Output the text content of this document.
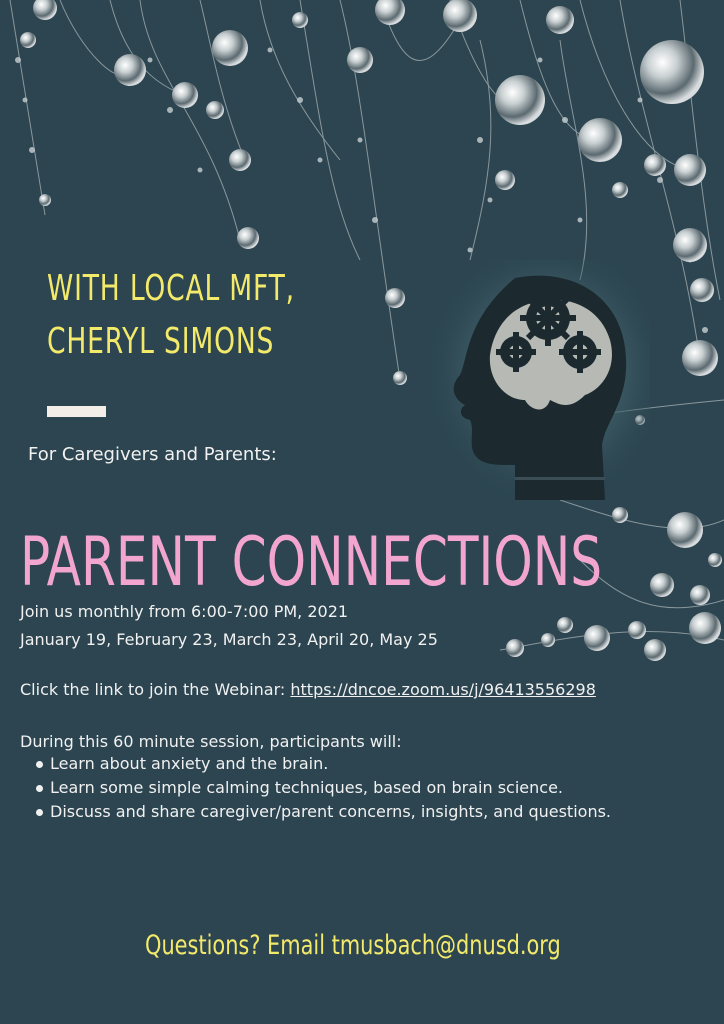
WITH LOCAL MFT,
CHERYL SIMONS
For Caregivers and Parents:
PARENT CONNECTIONS
Join us monthly from 6:00-7:00 PM, 2021
January 19, February 23, March 23, April 20, May 25
Click the link to join the Webinar: https://dncoe.zoom.us/j/96413556298
During this 60 minute session, participants will:
Learn about anxiety and the brain.
Learn some simple calming techniques, based on brain science.
Discuss and share caregiver/parent concerns, insights, and questions.
Questions? Email tmusbach@dnusd.org
